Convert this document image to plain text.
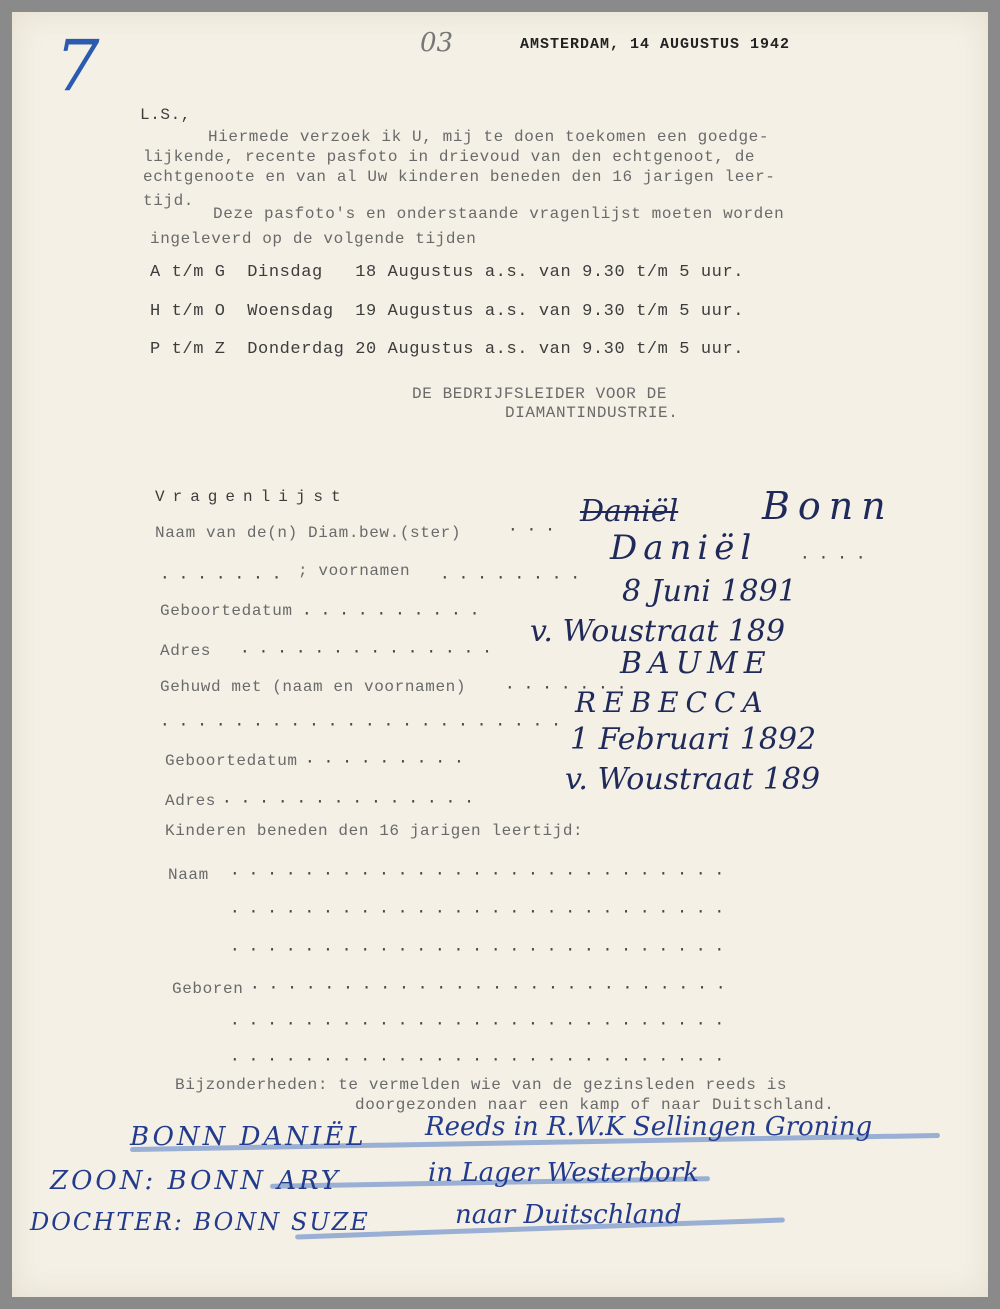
03	AMSTERDAM, 14 AUGUSTUS 1942
7
L.S.,
Hiermede verzoek ik U, mij te doen toekomen een goedge-
lijkende, recente pasfoto in drievoud van den echtgenoot, de
echtgenoote en van al Uw kinderen beneden den 16 jarigen leer-
tijd.
Deze pasfoto's en onderstaande vragenlijst moeten worden
ingeleverd op de volgende tijden
A t/m G  Dinsdag   18 Augustus a.s. van 9.30 t/m 5 uur.
H t/m O  Woensdag  19 Augustus a.s. van 9.30 t/m 5 uur.
P t/m Z  Donderdag 20 Augustus a.s. van 9.30 t/m 5 uur.
DE BEDRIJFSLEIDER VOOR DE
DIAMANTINDUSTRIE.
Vragenlijst
Naam van de(n) Diam.bew.(ster)	···
Daniël Bonn
······· ; voornamen ········
Daniël	····
Geboortedatum ··········
8 Juni 1891
Adres ··············
v. Woustraat 189
Gehuwd met (naam en voornamen) ·······
BAUME
······················
REBECCA
Geboortedatum ·········
1 Februari 1892
Adres ··············
v. Woustraat 189
Kinderen beneden den 16 jarigen leertijd:
Naam ···························
···························
···························
Geboren ··························
···························
···························
Bijzonderheden: te vermelden wie van de gezinsleden reeds is
doorgezonden naar een kamp of naar Duitschland.
BONN DANIËL Reeds in R.W.K Sellingen Groning
ZOON: BONN ARY	in Lager Westerbork
DOCHTER: BONN SUZE	naar Duitschland
